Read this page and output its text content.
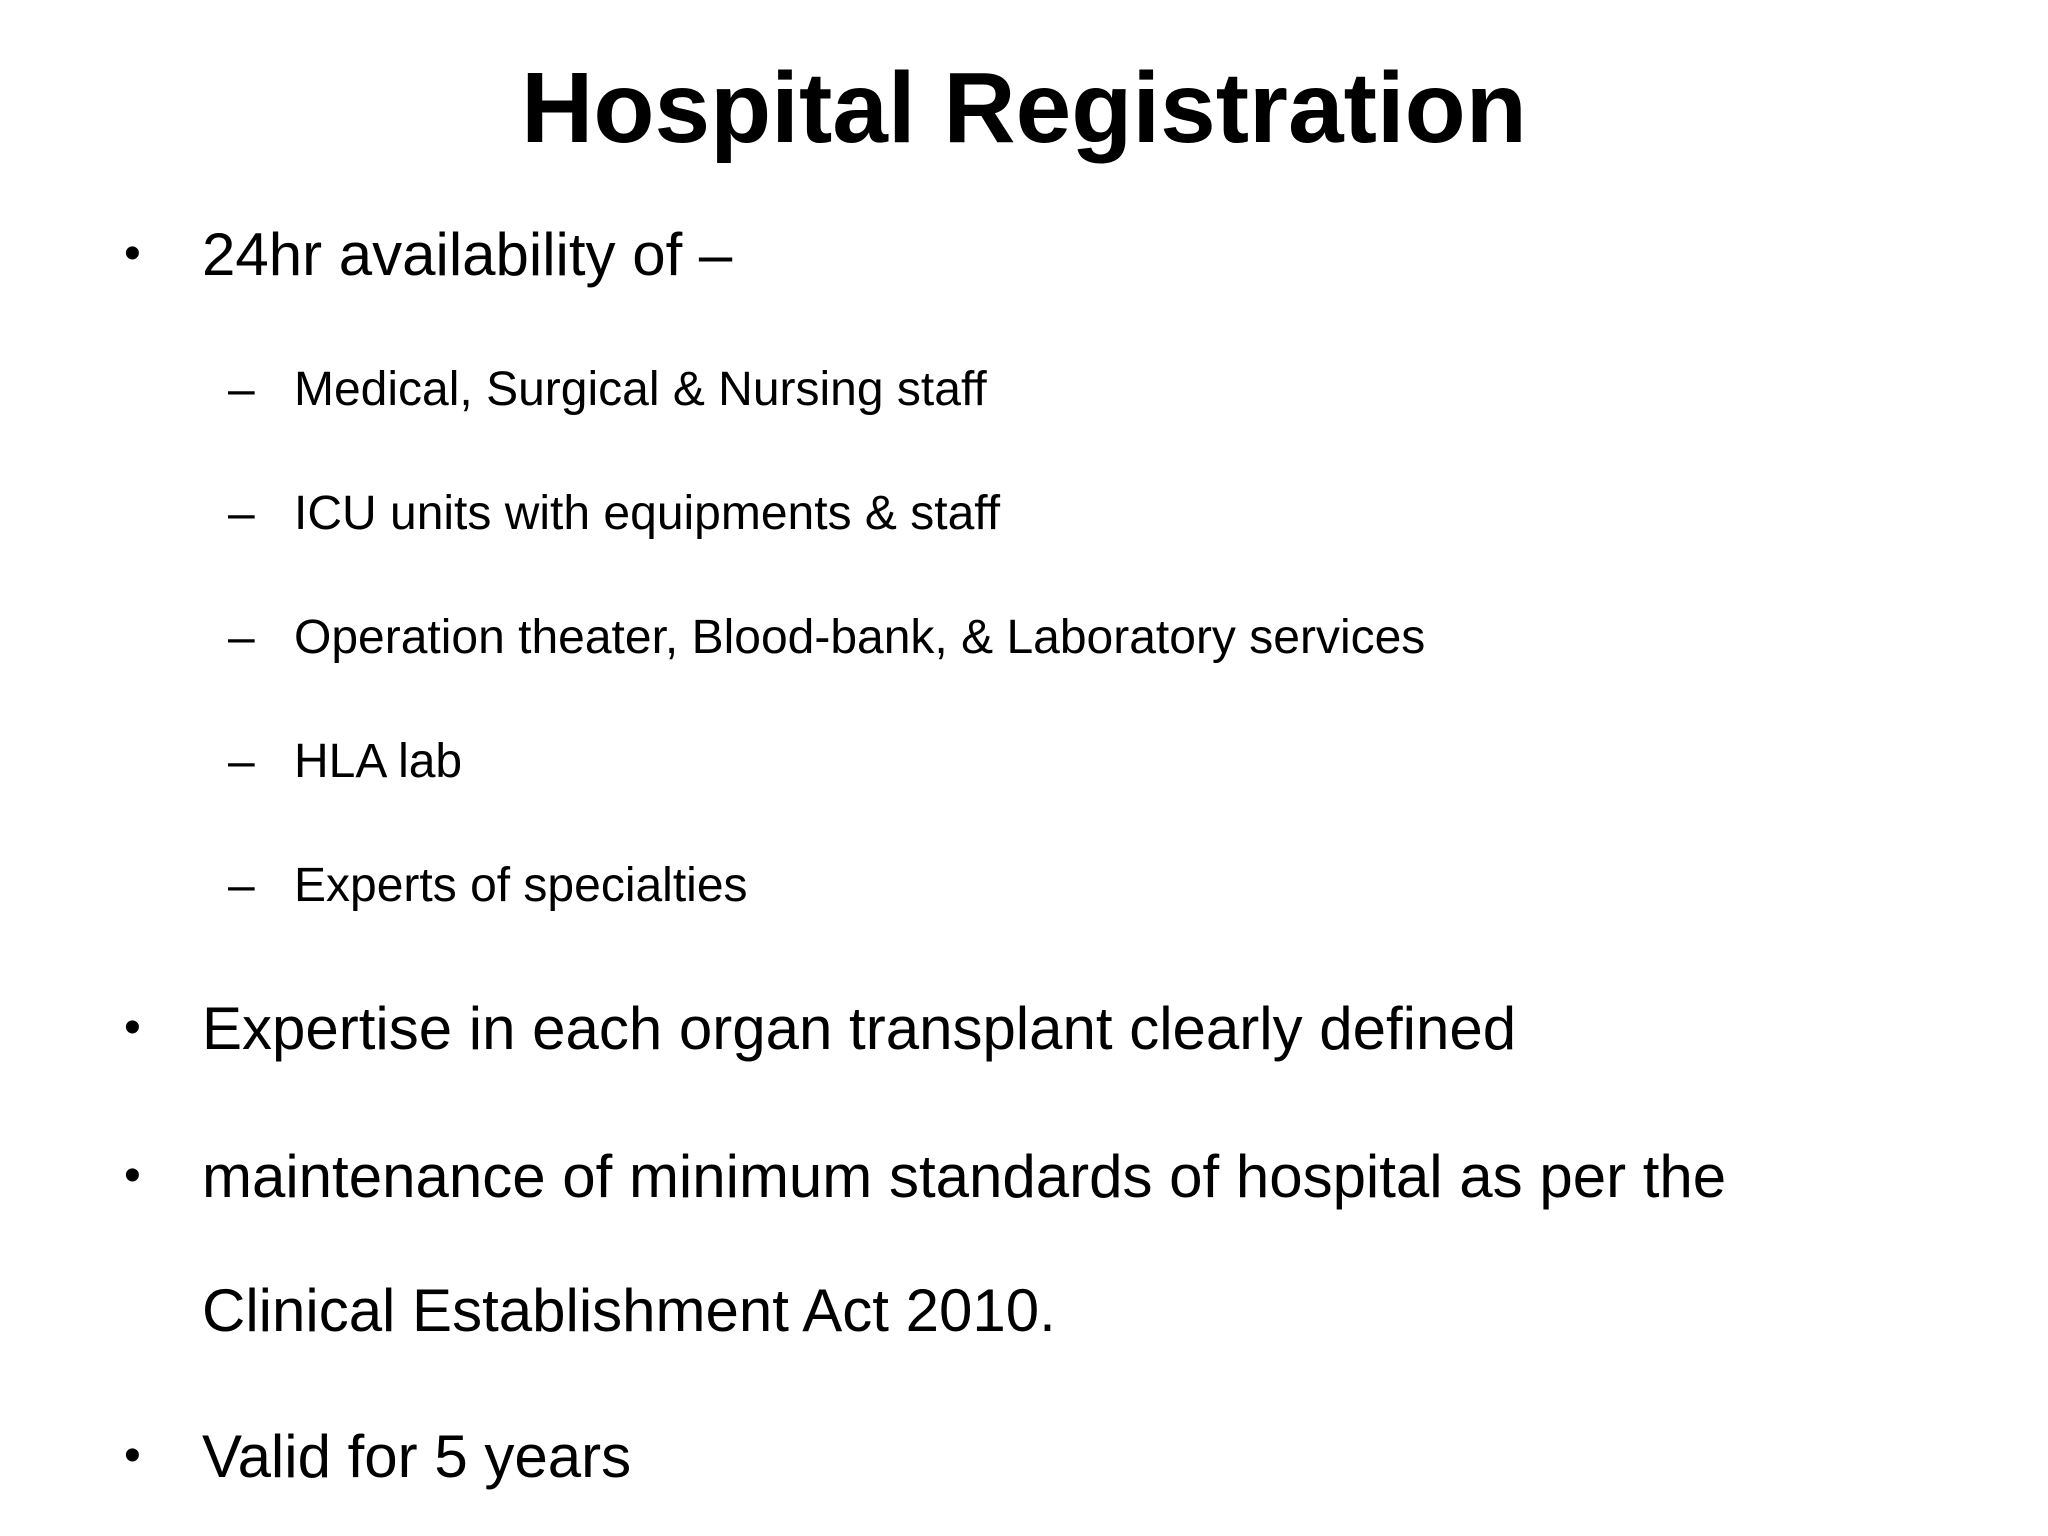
Hospital Registration
• 24hr availability of –
– Medical, Surgical & Nursing staff
– ICU units with equipments & staff
– Operation theater, Blood-bank, & Laboratory services
– HLA lab
– Experts of specialties
• Expertise in each organ transplant clearly defined
• maintenance of minimum standards of hospital as per the
Clinical Establishment Act 2010.
• Valid for 5 years
